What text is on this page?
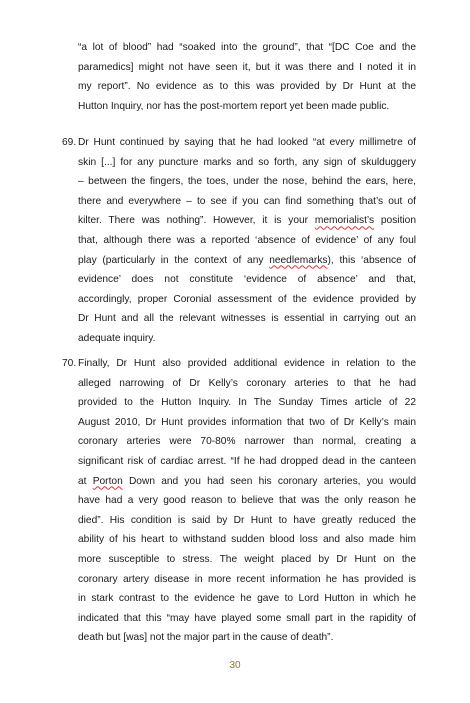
“a lot of blood” had “soaked into the ground”, that “[DC Coe and the
paramedics] might not have seen it, but it was there and I noted it in
my report”. No evidence as to this was provided by Dr Hunt at the
Hutton Inquiry, nor has the post-mortem report yet been made public.
69. Dr Hunt continued by saying that he had looked “at every millimetre of
skin [...] for any puncture marks and so forth, any sign of skulduggery
– between the fingers, the toes, under the nose, behind the ears, here,
there and everywhere – to see if you can find something that’s out of
kilter. There was nothing”. However, it is your memorialist’s position
that, although there was a reported ‘absence of evidence’ of any foul
play (particularly in the context of any needlemarks), this ‘absence of
evidence’ does not constitute ‘evidence of absence’ and that,
accordingly, proper Coronial assessment of the evidence provided by
Dr Hunt and all the relevant witnesses is essential in carrying out an
adequate inquiry.
70. Finally, Dr Hunt also provided additional evidence in relation to the
alleged narrowing of Dr Kelly’s coronary arteries to that he had
provided to the Hutton Inquiry. In The Sunday Times article of 22
August 2010, Dr Hunt provides information that two of Dr Kelly’s main
coronary arteries were 70-80% narrower than normal, creating a
significant risk of cardiac arrest. “If he had dropped dead in the canteen
at Porton Down and you had seen his coronary arteries, you would
have had a very good reason to believe that was the only reason he
died”. His condition is said by Dr Hunt to have greatly reduced the
ability of his heart to withstand sudden blood loss and also made him
more susceptible to stress. The weight placed by Dr Hunt on the
coronary artery disease in more recent information he has provided is
in stark contrast to the evidence he gave to Lord Hutton in which he
indicated that this “may have played some small part in the rapidity of
death but [was] not the major part in the cause of death”.
30
